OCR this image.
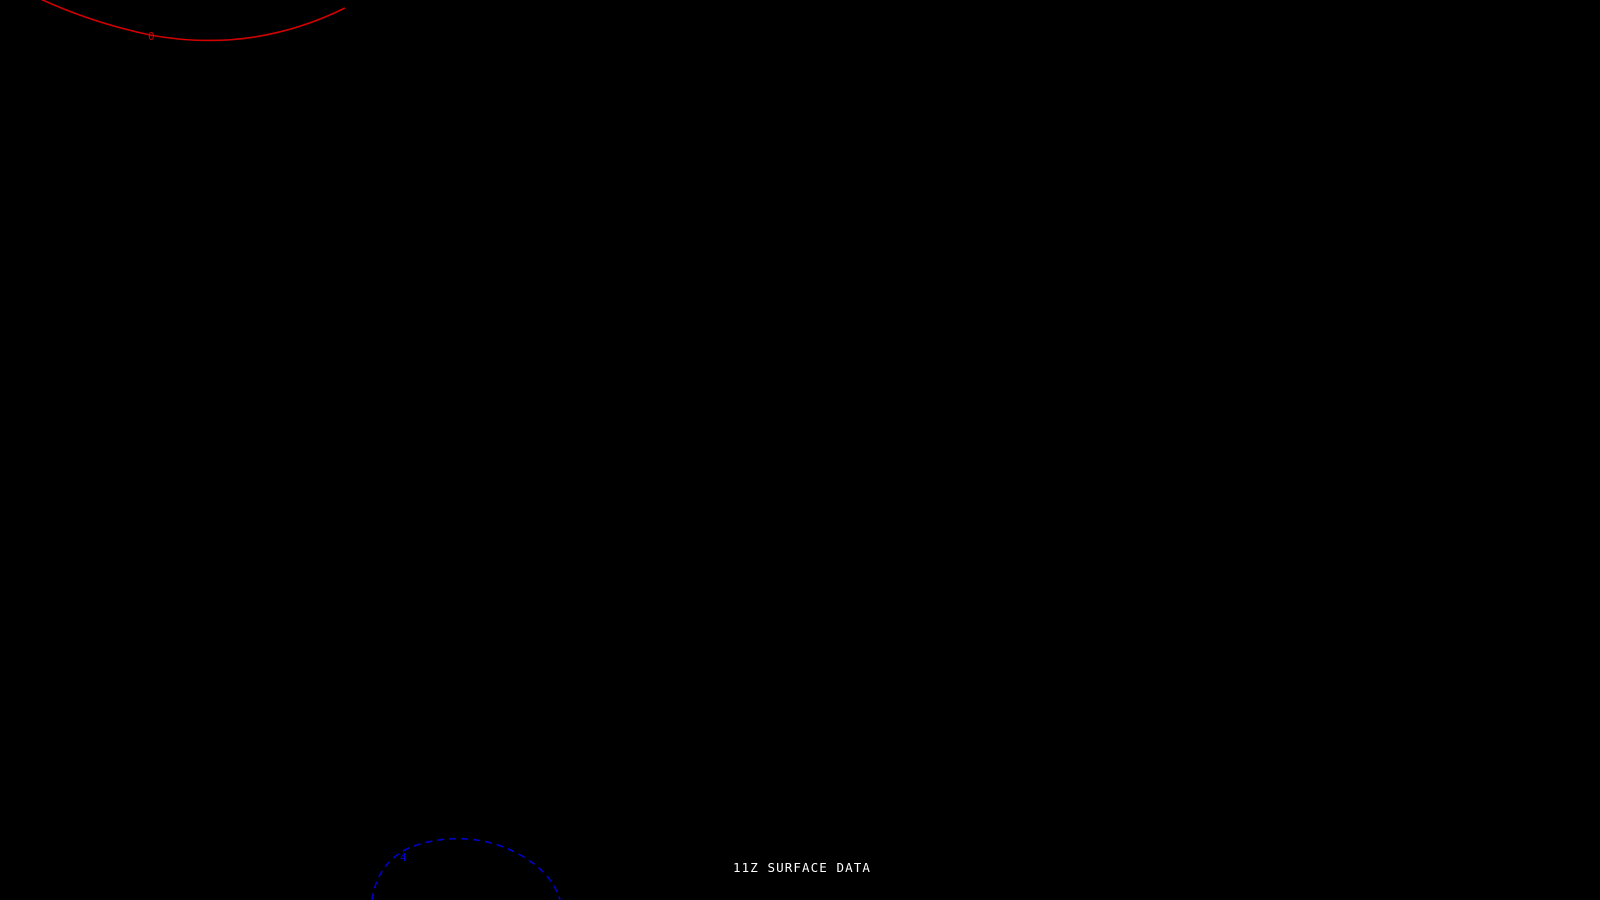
0
4
11Z SURFACE DATA
